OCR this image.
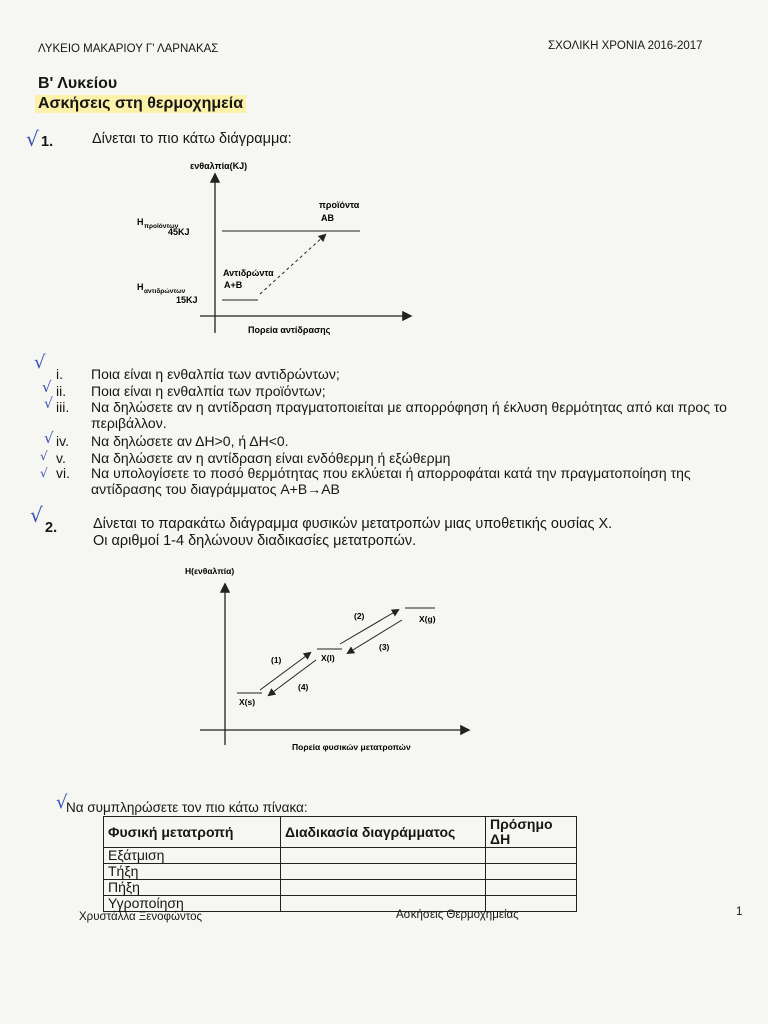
ΛΥΚΕΙΟ ΜΑΚΑΡΙΟΥ Γ' ΛΑΡΝΑΚΑΣ	ΣΧΟΛΙΚΗ ΧΡΟΝΙΑ 2016-2017
Β' Λυκείου
Ασκήσεις στη θερμοχημεία
√ 1.	Δίνεται το πιο κάτω διάγραμμα:
ενθαλπία(KJ)
Πορεία αντίδρασης
H προϊόντων
45KJ
H αντιδρώντων
15KJ
προϊόντα
AB
Αντιδρώντα
A+B
√
i. Ποια είναι η ενθαλπία των αντιδρώντων;
√ ii. Ποια είναι η ενθαλπία των προϊόντων;
√ iii. Να δηλώσετε αν η αντίδραση πραγματοποιείται με απορρόφηση ή έκλυση θερμότητας από και προς το περιβάλλον.
√ iv. Να δηλώσετε αν ΔH>0, ή ΔH<0.
√ v. Να δηλώσετε αν η αντίδραση είναι ενδόθερμη ή εξώθερμη
√ vi. Να υπολογίσετε το ποσό θερμότητας που εκλύεται ή απορροφάται κατά την πραγματοποίηση της αντίδρασης του διαγράμματος A+B→AB
√
2. Δίνεται το παρακάτω διάγραμμα φυσικών μετατροπών μιας υποθετικής ουσίας Χ.
Οι αριθμοί 1-4 δηλώνουν διαδικασίες μετατροπών.
H(ενθαλπία)
Πορεία φυσικών μετατροπών
X(s)
X(l)
X(g)
(1)
(2)
(3)
(4)
√
Να συμπληρώσετε τον πιο κάτω πίνακα:
Φυσική μετατροπή	Διαδικασία διαγράμματος	Πρόσημο ΔH
Εξάτμιση		
Τήξη		
Πήξη		
Υγροποίηση		
Χρυστάλλα Ξενοφώντος	Ασκήσεις Θερμοχημείας	1
